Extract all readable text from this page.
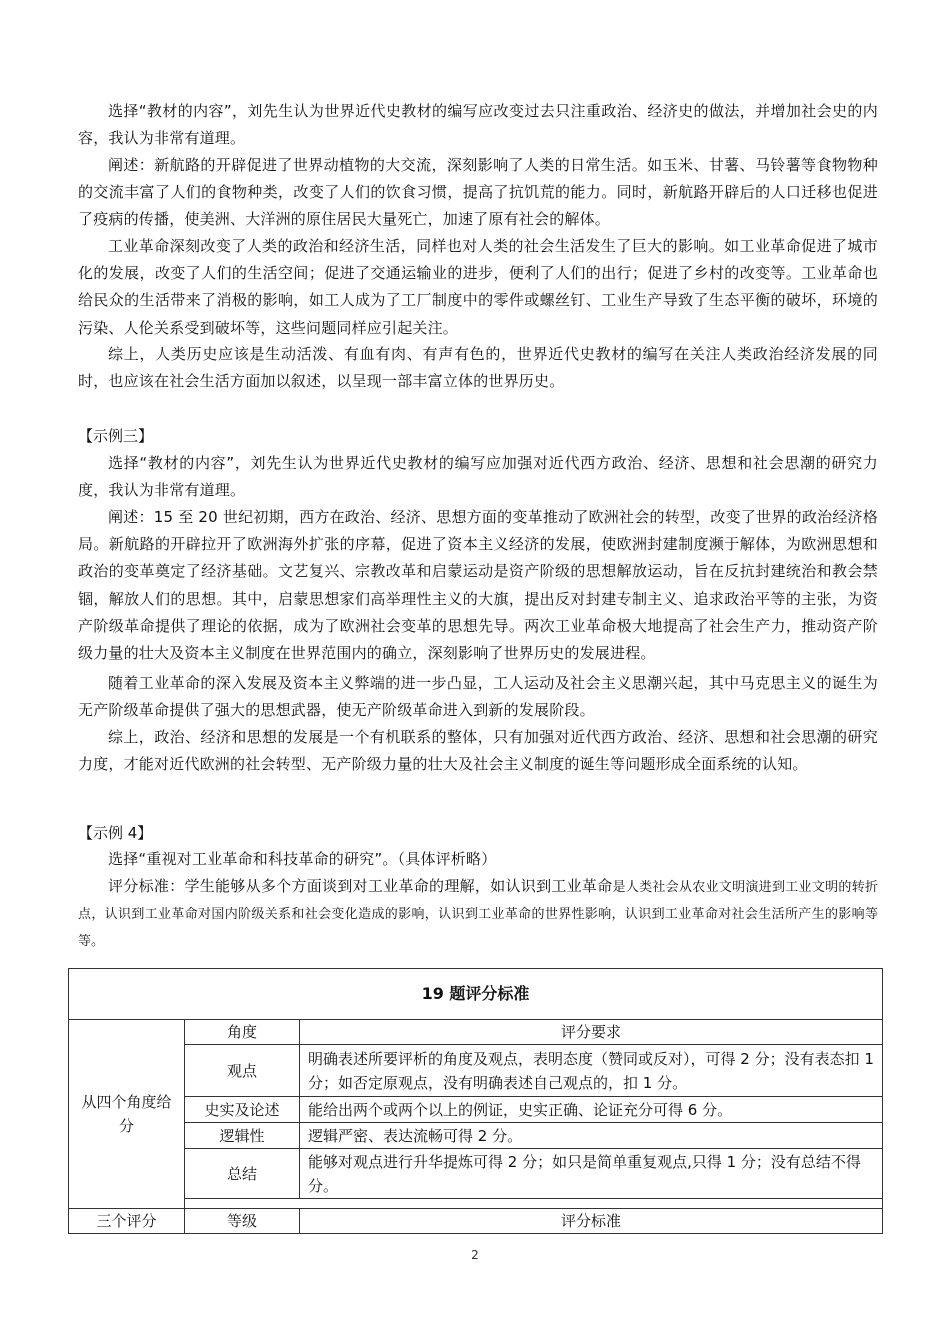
选择“教材的内容”，刘先生认为世界近代史教材的编写应改变过去只注重政治、经济史的做法，并增加社会史的内容，我认为非常有道理。

阐述：新航路的开辟促进了世界动植物的大交流，深刻影响了人类的日常生活。如玉米、甘薯、马铃薯等食物物种的交流丰富了人们的食物种类，改变了人们的饮食习惯，提高了抗饥荒的能力。同时，新航路开辟后的人口迁移也促进了疫病的传播，使美洲、大洋洲的原住居民大量死亡，加速了原有社会的解体。

工业革命深刻改变了人类的政治和经济生活，同样也对人类的社会生活发生了巨大的影响。如工业革命促进了城市化的发展，改变了人们的生活空间；促进了交通运输业的进步，便利了人们的出行；促进了乡村的改变等。工业革命也给民众的生活带来了消极的影响，如工人成为了工厂制度中的零件或螺丝钉、工业生产导致了生态平衡的破坏，环境的污染、人伦关系受到破坏等，这些问题同样应引起关注。

综上，人类历史应该是生动活泼、有血有肉、有声有色的，世界近代史教材的编写在关注人类政治经济发展的同时，也应该在社会生活方面加以叙述，以呈现一部丰富立体的世界历史。

【示例三】

选择“教材的内容”，刘先生认为世界近代史教材的编写应加强对近代西方政治、经济、思想和社会思潮的研究力度，我认为非常有道理。

阐述：15 至 20 世纪初期，西方在政治、经济、思想方面的变革推动了欧洲社会的转型，改变了世界的政治经济格局。新航路的开辟拉开了欧洲海外扩张的序幕，促进了资本主义经济的发展，使欧洲封建制度濒于解体，为欧洲思想和政治的变革奠定了经济基础。文艺复兴、宗教改革和启蒙运动是资产阶级的思想解放运动，旨在反抗封建统治和教会禁锢，解放人们的思想。其中，启蒙思想家们高举理性主义的大旗，提出反对封建专制主义、追求政治平等的主张，为资产阶级革命提供了理论的依据，成为了欧洲社会变革的思想先导。两次工业革命极大地提高了社会生产力，推动资产阶级力量的壮大及资本主义制度在世界范围内的确立，深刻影响了世界历史的发展进程。

随着工业革命的深入发展及资本主义弊端的进一步凸显，工人运动及社会主义思潮兴起，其中马克思主义的诞生为无产阶级革命提供了强大的思想武器，使无产阶级革命进入到新的发展阶段。

综上，政治、经济和思想的发展是一个有机联系的整体，只有加强对近代西方政治、经济、思想和社会思潮的研究力度，才能对近代欧洲的社会转型、无产阶级力量的壮大及社会主义制度的诞生等问题形成全面系统的认知。

【示例 4】

选择“重视对工业革命和科技革命的研究”。（具体评析略）

评分标准：学生能够从多个方面谈到对工业革命的理解，如认识到工业革命是人类社会从农业文明演进到工业文明的转折点，认识到工业革命对国内阶级关系和社会变化造成的影响，认识到工业革命的世界性影响，认识到工业革命对社会生活所产生的影响等等。

19 题评分标准		
从四个角度给分	角度	评分要求
	观点	明确表述所要评析的角度及观点，表明态度（赞同或反对），可得 2 分；没有表态扣 1 分；如否定原观点，没有明确表述自己观点的，扣 1 分。
	史实及论述	能给出两个或两个以上的例证，史实正确、论证充分可得 6 分。
	逻辑性	逻辑严密、表达流畅可得 2 分。
	总结	能够对观点进行升华提炼可得 2 分；如只是简单重复观点,只得 1 分；没有总结不得分。

三个评分	等级	评分标准
2
